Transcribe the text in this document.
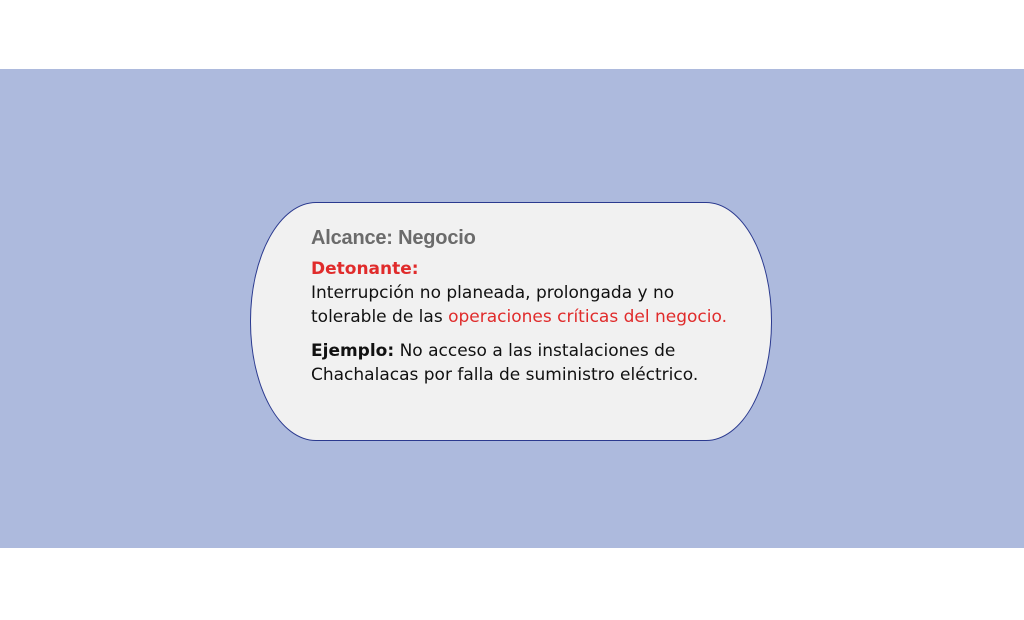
Alcance: Negocio

Detonante:
Interrupción no planeada, prolongada y no tolerable de las operaciones críticas del negocio.

Ejemplo: No acceso a las instalaciones de Chachalacas por falla de suministro eléctrico.
